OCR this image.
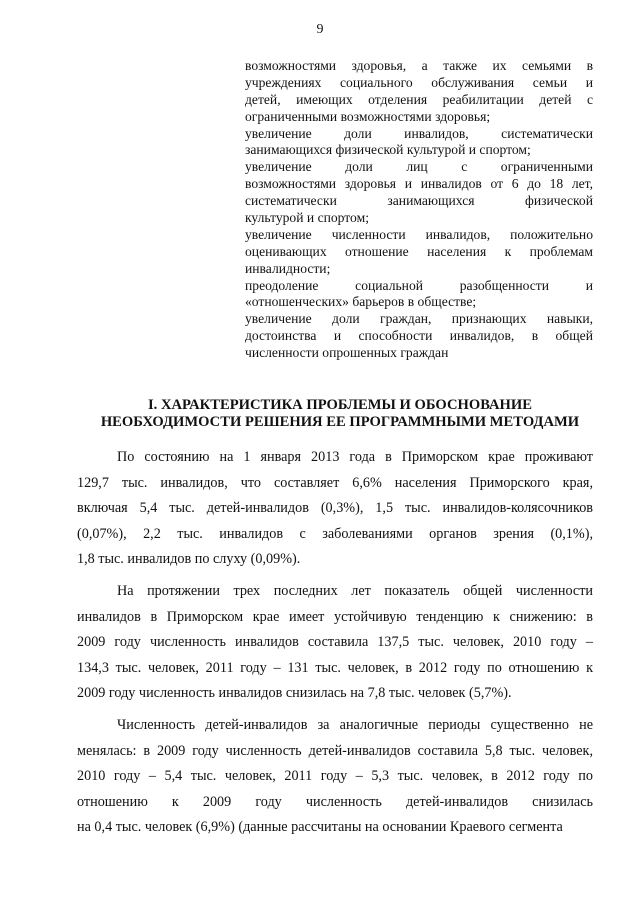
9
возможностями здоровья, а также их семьями в
учреждениях социального обслуживания семьи и
детей, имеющих отделения реабилитации детей с
ограниченными возможностями здоровья;
увеличение доли инвалидов, систематически
занимающихся физической культурой и спортом;
увеличение доли лиц с ограниченными
возможностями здоровья и инвалидов от 6 до 18 лет,
систематически занимающихся физической
культурой и спортом;
увеличение численности инвалидов, положительно
оценивающих отношение населения к проблемам
инвалидности;
преодоление социальной разобщенности и
«отношенческих» барьеров в обществе;
увеличение доли граждан, признающих навыки,
достоинства и способности инвалидов, в общей
численности опрошенных граждан
I. ХАРАКТЕРИСТИКА ПРОБЛЕМЫ И ОБОСНОВАНИЕ
НЕОБХОДИМОСТИ РЕШЕНИЯ ЕЕ ПРОГРАММНЫМИ МЕТОДАМИ
По состоянию на 1 января 2013 года в Приморском крае проживают
129,7 тыс. инвалидов, что составляет 6,6% населения Приморского края,
включая 5,4 тыс. детей-инвалидов (0,3%), 1,5 тыс. инвалидов-колясочников
(0,07%), 2,2 тыс. инвалидов с заболеваниями органов зрения (0,1%),
1,8 тыс. инвалидов по слуху (0,09%).
На протяжении трех последних лет показатель общей численности
инвалидов в Приморском крае имеет устойчивую тенденцию к снижению: в
2009 году численность инвалидов составила 137,5 тыс. человек, 2010 году –
134,3 тыс. человек, 2011 году – 131 тыс. человек, в 2012 году по отношению к
2009 году численность инвалидов снизилась на 7,8 тыс. человек (5,7%).
Численность детей-инвалидов за аналогичные периоды существенно не
менялась: в 2009 году численность детей-инвалидов составила 5,8 тыс. человек,
2010 году – 5,4 тыс. человек, 2011 году – 5,3 тыс. человек, в 2012 году по
отношению к 2009 году численность детей-инвалидов снизилась
на 0,4 тыс. человек (6,9%) (данные рассчитаны на основании Краевого сегмента
